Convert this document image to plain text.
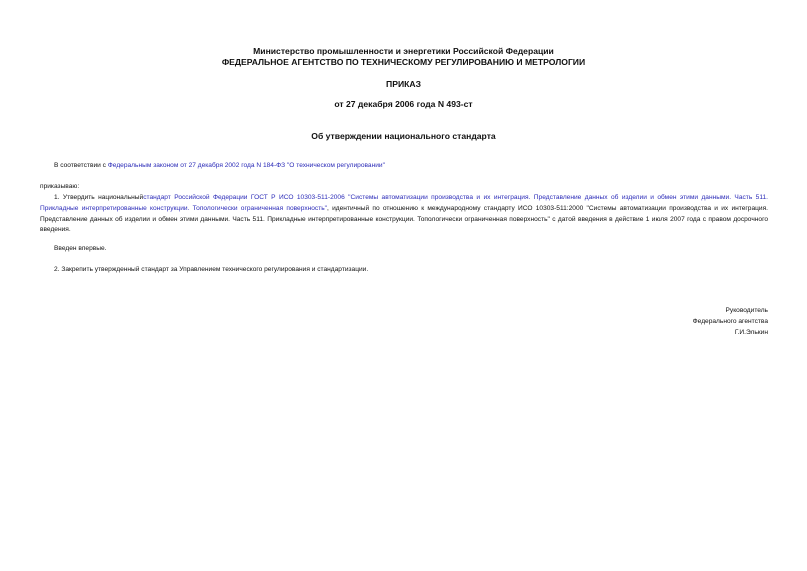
Министерство промышленности и энергетики Российской Федерации
ФЕДЕРАЛЬНОЕ АГЕНТСТВО ПО ТЕХНИЧЕСКОМУ РЕГУЛИРОВАНИЮ И МЕТРОЛОГИИ
ПРИКАЗ
от 27 декабря 2006 года N 493-ст
Об утверждении национального стандарта
В соответствии с Федеральным законом от 27 декабря 2002 года N 184-ФЗ "О техническом регулировании"
приказываю:
1. Утвердить национальныйстандарт Российской Федерации ГОСТ Р ИСО 10303-511-2006 "Системы автоматизации производства и их интеграция. Представление данных об изделии и обмен этими данными. Часть 511. Прикладные интерпретированные конструкции. Топологически ограниченная поверхность", идентичный по отношению к международному стандарту ИСО 10303-511:2000 "Системы автоматизации производства и их интеграция. Представление данных об изделии и обмен этими данными. Часть 511. Прикладные интерпретированные конструкции. Топологически ограниченная поверхность" с датой введения в действие 1 июля 2007 года с правом досрочного введения.
Введен впервые.
2. Закрепить утвержденный стандарт за Управлением технического регулирования и стандартизации.
Руководитель
Федерального агентства
Г.И.Элькин
